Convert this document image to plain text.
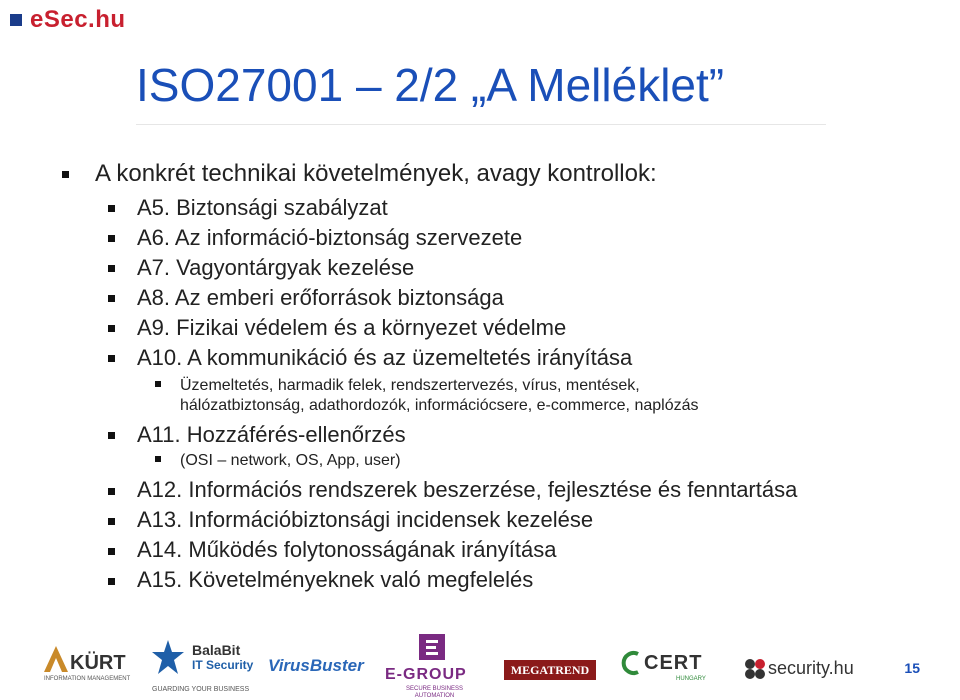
eSec.hu
ISO27001 – 2/2 „A Melléklet”
A konkrét technikai követelmények, avagy kontrollok:
A5. Biztonsági szabályzat
A6. Az információ-biztonság szervezete
A7. Vagyontárgyak kezelése
A8. Az emberi erőforrások biztonsága
A9. Fizikai védelem és a környezet védelme
A10. A kommunikáció és az üzemeltetés irányítása
Üzemeltetés, harmadik felek, rendszertervezés, vírus, mentések,
hálózatbiztonság, adathordozók, információcsere, e-commerce, naplózás
A11. Hozzáférés-ellenőrzés
(OSI – network, OS, App, user)
A12. Információs rendszerek beszerzése, fejlesztése és fenntartása
A13. Információbiztonsági incidensek kezelése
A14. Működés folytonosságának irányítása
A15. Követelményeknek való megfelelés
KÜRT
INFORMATION MANAGEMENT
BalaBit
IT Security
GUARDING YOUR BUSINESS
VirusBuster E-GROUP
SECURE BUSINESS AUTOMATION
MEGATREND	CERT
HUNGARY
security.hu	15
